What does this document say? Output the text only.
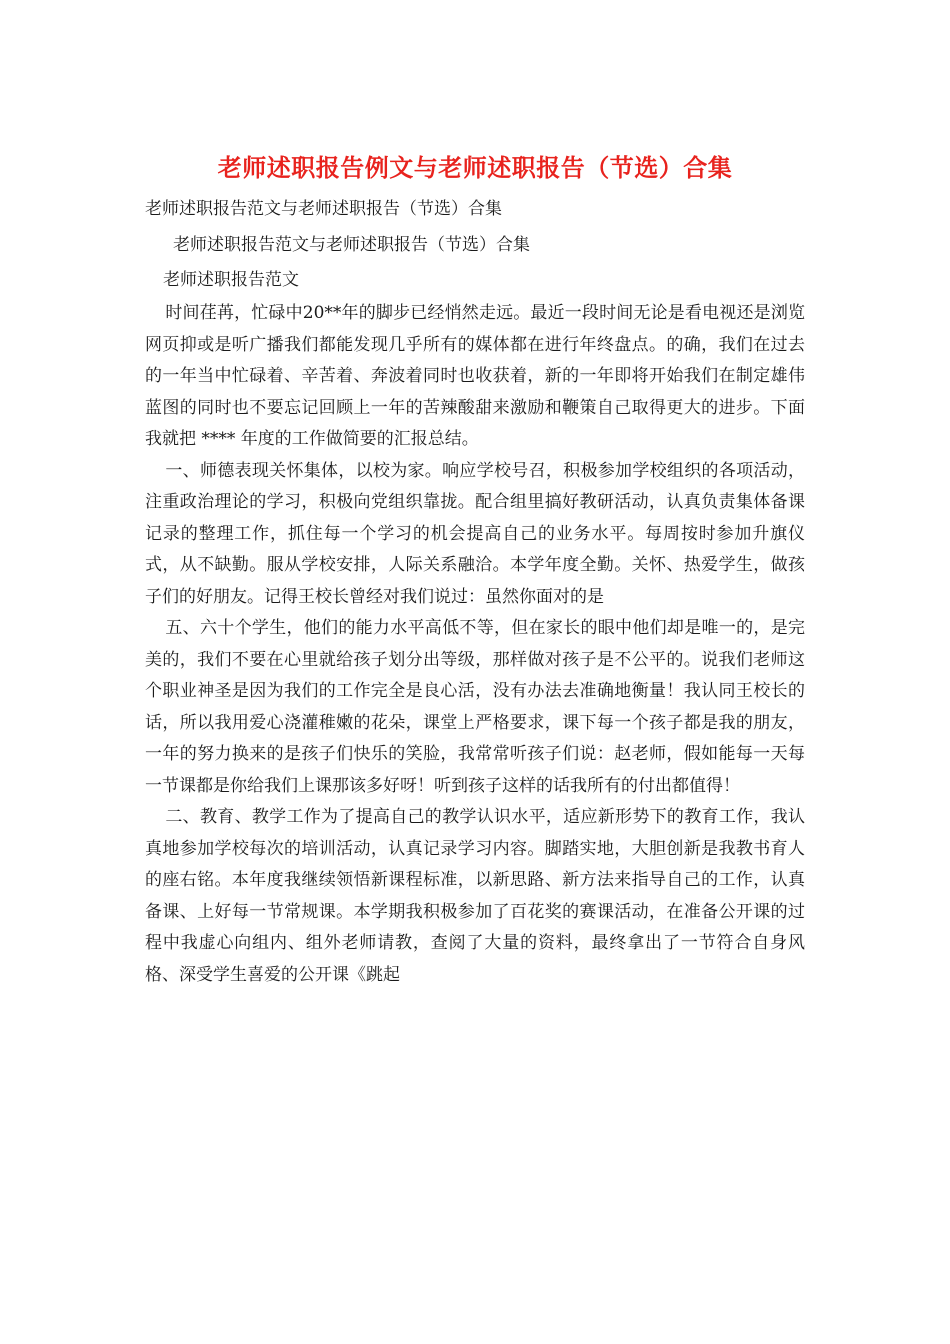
老师述职报告例文与老师述职报告（节选）合集
老师述职报告范文与老师述职报告（节选）合集
老师述职报告范文与老师述职报告（节选）合集
老师述职报告范文

时间荏苒，忙碌中20**年的脚步已经悄然走远。最近一段时间无论是看电视还是浏览网页抑或是听广播我们都能发现几乎所有的媒体都在进行年终盘点。的确，我们在过去的一年当中忙碌着、辛苦着、奔波着同时也收获着，新的一年即将开始我们在制定雄伟蓝图的同时也不要忘记回顾上一年的苦辣酸甜来激励和鞭策自己取得更大的进步。下面我就把 **** 年度的工作做简要的汇报总结。

一、师德表现关怀集体，以校为家。响应学校号召，积极参加学校组织的各项活动，注重政治理论的学习，积极向党组织靠拢。配合组里搞好教研活动，认真负责集体备课记录的整理工作，抓住每一个学习的机会提高自己的业务水平。每周按时参加升旗仪式，从不缺勤。服从学校安排，人际关系融洽。本学年度全勤。关怀、热爱学生，做孩子们的好朋友。记得王校长曾经对我们说过：虽然你面对的是

五、六十个学生，他们的能力水平高低不等，但在家长的眼中他们却是唯一的，是完美的，我们不要在心里就给孩子划分出等级，那样做对孩子是不公平的。说我们老师这个职业神圣是因为我们的工作完全是良心活，没有办法去准确地衡量！我认同王校长的话，所以我用爱心浇灌稚嫩的花朵，课堂上严格要求，课下每一个孩子都是我的朋友，一年的努力换来的是孩子们快乐的笑脸，我常常听孩子们说：赵老师，假如能每一天每一节课都是你给我们上课那该多好呀！听到孩子这样的话我所有的付出都值得！

二、教育、教学工作为了提高自己的教学认识水平，适应新形势下的教育工作，我认真地参加学校每次的培训活动，认真记录学习内容。脚踏实地，大胆创新是我教书育人的座右铭。本年度我继续领悟新课程标准，以新思路、新方法来指导自己的工作，认真备课、上好每一节常规课。本学期我积极参加了百花奖的赛课活动，在准备公开课的过程中我虚心向组内、组外老师请教，查阅了大量的资料，最终拿出了一节符合自身风格、深受学生喜爱的公开课《跳起
